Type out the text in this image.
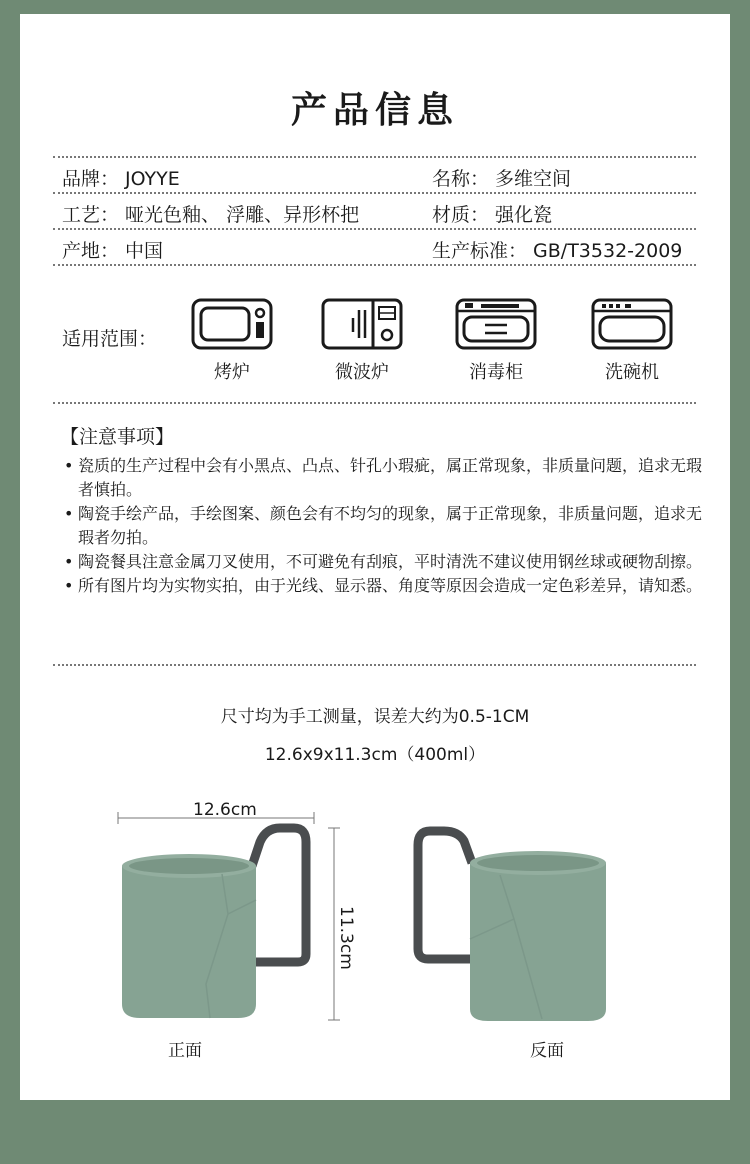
产品信息
品牌： JOYYE	名称： 多维空间
工艺： 哑光色釉、 浮雕、异形杯把	材质： 强化瓷
产地： 中国	生产标准： GB/T3532-2009
适用范围：
烤炉	微波炉	消毒柜	洗碗机
【注意事项】
• 瓷质的生产过程中会有小黑点、凸点、针孔小瑕疵，属正常现象，非质量问题，追求无瑕者慎拍。
• 陶瓷手绘产品，手绘图案、颜色会有不均匀的现象，属于正常现象，非质量问题，追求无瑕者勿拍。
• 陶瓷餐具注意金属刀叉使用，不可避免有刮痕，平时清洗不建议使用钢丝球或硬物刮擦。
• 所有图片均为实物实拍，由于光线、显示器、角度等原因会造成一定色彩差异，请知悉。
尺寸均为手工测量，误差大约为0.5-1CM
12.6x9x11.3cm（400ml）
12.6cm
11.3cm
正面	反面
